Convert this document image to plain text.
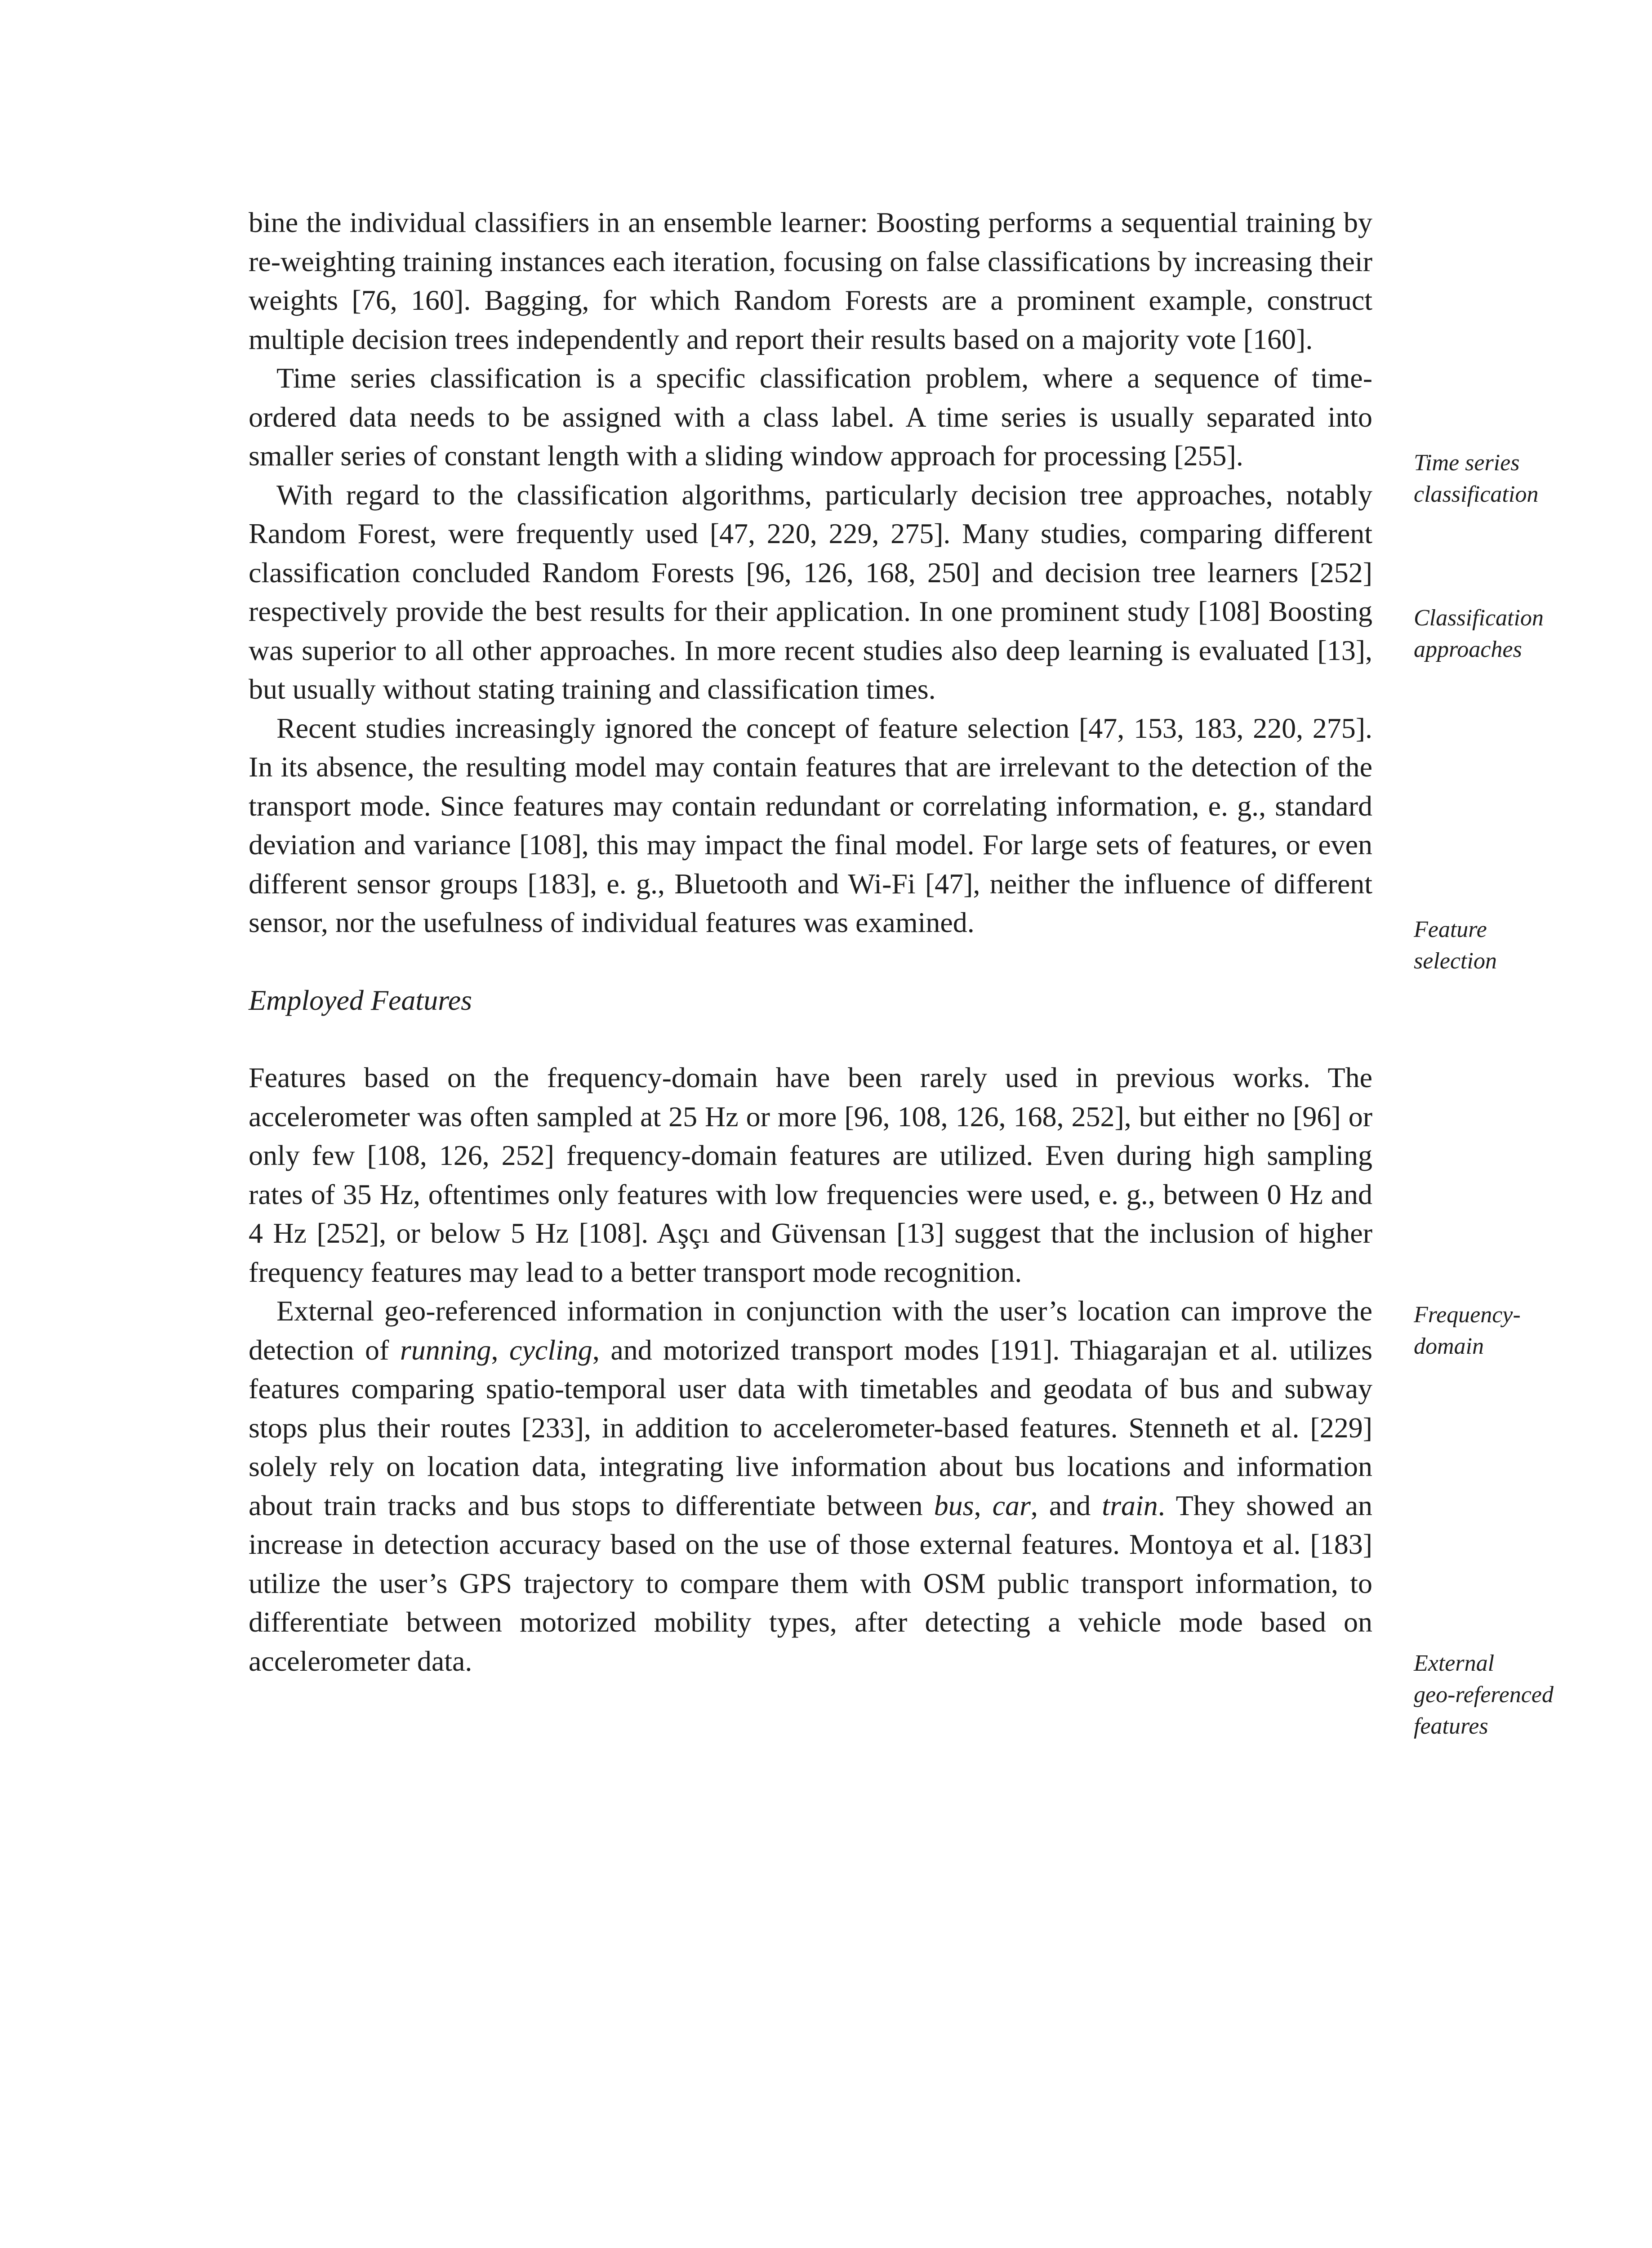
bine the individual classifiers in an ensemble learner: Boosting performs a sequential training by re-weighting training instances each iteration, focusing on false classifications by increasing their weights [76, 160]. Bagging, for which Random Forests are a prominent example, construct multiple decision trees independently and report their results based on a majority vote [160].

Time series classification is a specific classification problem, where a sequence of time-ordered data needs to be assigned with a class label. A time series is usually separated into smaller series of constant length with a sliding window approach for processing [255].

With regard to the classification algorithms, particularly decision tree approaches, notably Random Forest, were frequently used [47, 220, 229, 275]. Many studies, comparing different classification concluded Random Forests [96, 126, 168, 250] and decision tree learners [252] respectively provide the best results for their application. In one prominent study [108] Boosting was superior to all other approaches. In more recent studies also deep learning is evaluated [13], but usually without stating training and classification times.

Recent studies increasingly ignored the concept of feature selection [47, 153, 183, 220, 275]. In its absence, the resulting model may contain features that are irrelevant to the detection of the transport mode. Since features may contain redundant or correlating information, e. g., standard deviation and variance [108], this may impact the final model. For large sets of features, or even different sensor groups [183], e. g., Bluetooth and Wi-Fi [47], neither the influence of different sensor, nor the usefulness of individual features was examined.

Employed Features

Features based on the frequency-domain have been rarely used in previous works. The accelerometer was often sampled at 25 Hz or more [96, 108, 126, 168, 252], but either no [96] or only few [108, 126, 252] frequency-domain features are utilized. Even during high sampling rates of 35 Hz, oftentimes only features with low frequencies were used, e. g., between 0 Hz and 4 Hz [252], or below 5 Hz [108]. Aşçı and Güvensan [13] suggest that the inclusion of higher frequency features may lead to a better transport mode recognition.

External geo-referenced information in conjunction with the user’s location can improve the detection of running, cycling, and motorized transport modes [191]. Thiagarajan et al. utilizes features comparing spatio-temporal user data with timetables and geodata of bus and subway stops plus their routes [233], in addition to accelerometer-based features. Stenneth et al. [229] solely rely on location data, integrating live information about bus locations and information about train tracks and bus stops to differentiate between bus, car, and train. They showed an increase in detection accuracy based on the use of those external features. Montoya et al. [183] utilize the user’s GPS trajectory to compare them with OSM public transport information, to differentiate between motorized mobility types, after detecting a vehicle mode based on accelerometer data.

Time series
classification
Classification
approaches
Feature
selection
Frequency-
domain
External
geo-referenced
features
